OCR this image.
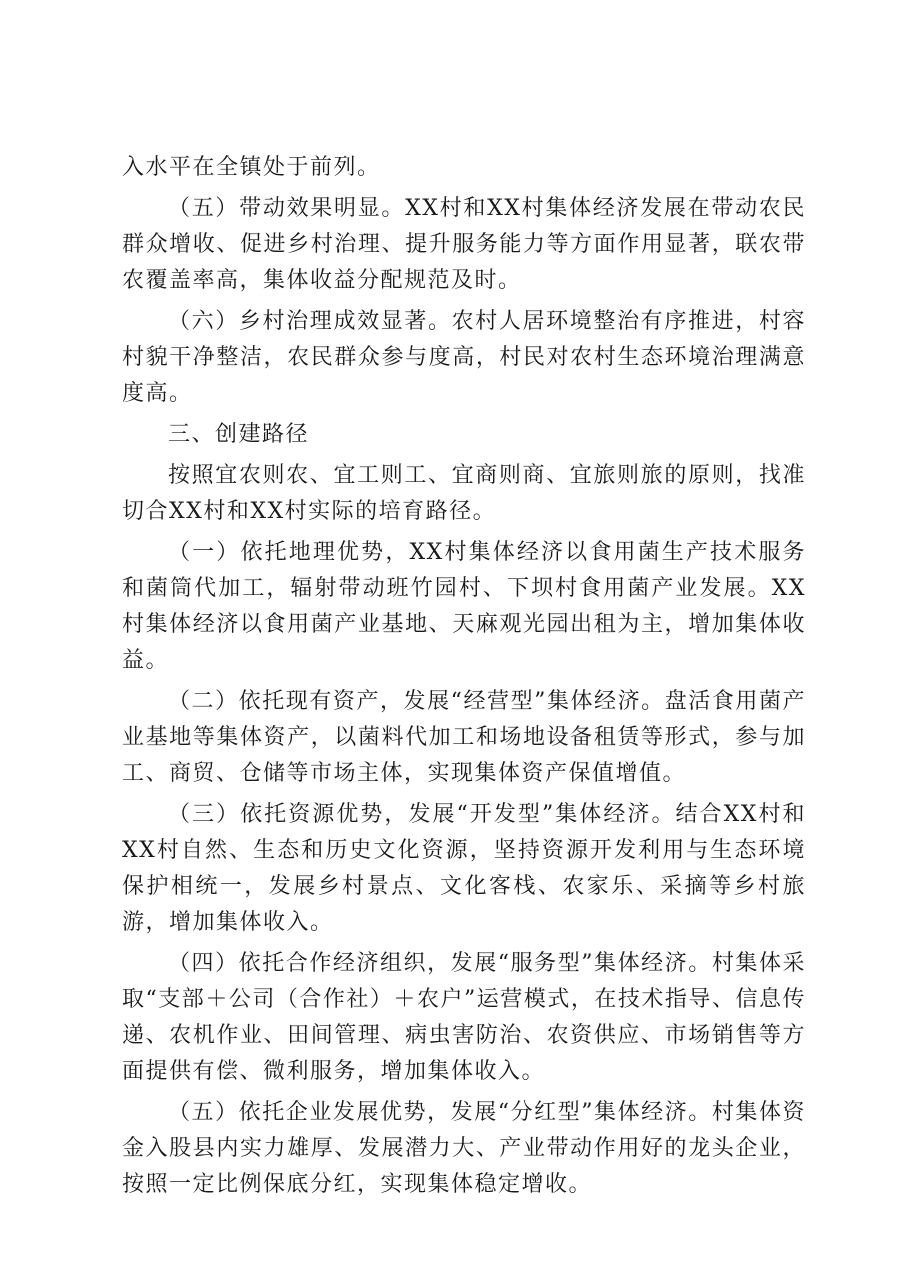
入水平在全镇处于前列。

（五）带动效果明显。XX村和XX村集体经济发展在带动农民群众增收、促进乡村治理、提升服务能力等方面作用显著，联农带农覆盖率高，集体收益分配规范及时。

（六）乡村治理成效显著。农村人居环境整治有序推进，村容村貌干净整洁，农民群众参与度高，村民对农村生态环境治理满意度高。

三、创建路径

按照宜农则农、宜工则工、宜商则商、宜旅则旅的原则，找准切合XX村和XX村实际的培育路径。

（一）依托地理优势，XX村集体经济以食用菌生产技术服务和菌筒代加工，辐射带动班竹园村、下坝村食用菌产业发展。XX村集体经济以食用菌产业基地、天麻观光园出租为主，增加集体收益。

（二）依托现有资产，发展“经营型”集体经济。盘活食用菌产业基地等集体资产，以菌料代加工和场地设备租赁等形式，参与加工、商贸、仓储等市场主体，实现集体资产保值增值。

（三）依托资源优势，发展“开发型”集体经济。结合XX村和XX村自然、生态和历史文化资源，坚持资源开发利用与生态环境保护相统一，发展乡村景点、文化客栈、农家乐、采摘等乡村旅游，增加集体收入。

（四）依托合作经济组织，发展“服务型”集体经济。村集体采取“支部＋公司（合作社）＋农户”运营模式，在技术指导、信息传递、农机作业、田间管理、病虫害防治、农资供应、市场销售等方面提供有偿、微利服务，增加集体收入。

（五）依托企业发展优势，发展“分红型”集体经济。村集体资金入股县内实力雄厚、发展潜力大、产业带动作用好的龙头企业，按照一定比例保底分红，实现集体稳定增收。
